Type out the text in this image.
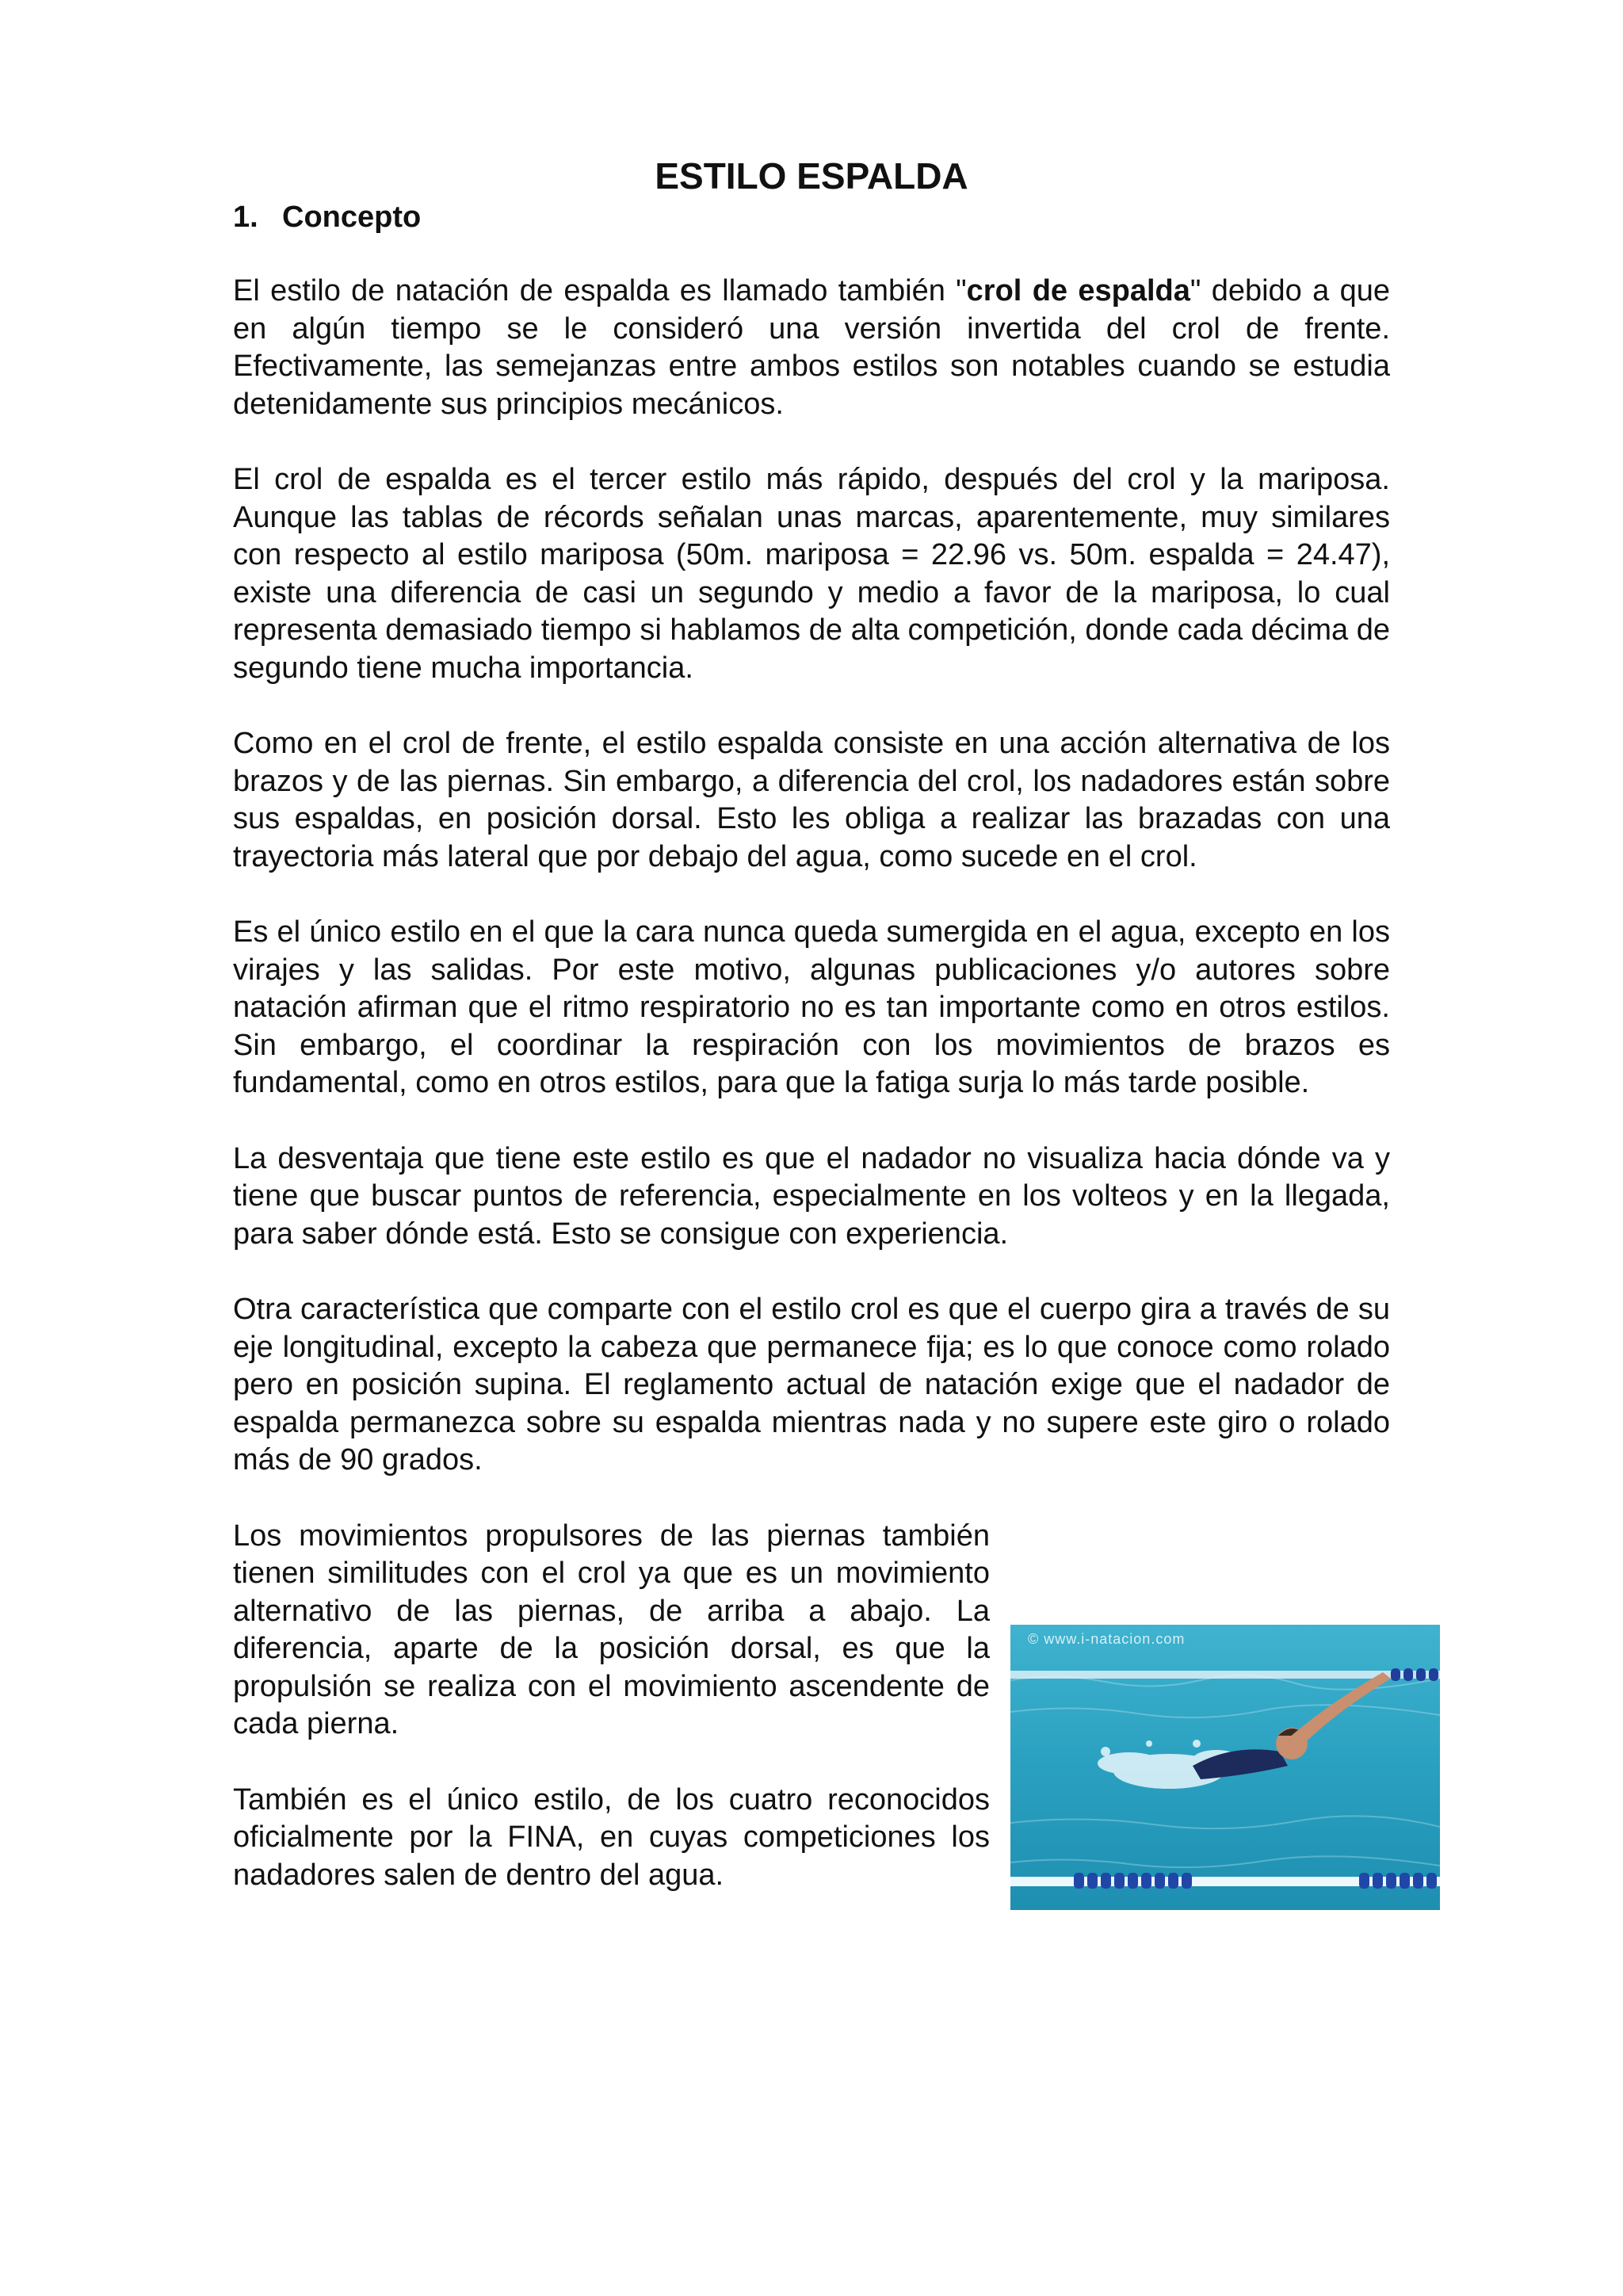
ESTILO ESPALDA
1. Concepto

El estilo de natación de espalda es llamado también "crol de espalda" debido a que en algún tiempo se le consideró una versión invertida del crol de frente. Efectivamente, las semejanzas entre ambos estilos son notables cuando se estudia detenidamente sus principios mecánicos.

El crol de espalda es el tercer estilo más rápido, después del crol y la mariposa. Aunque las tablas de récords señalan unas marcas, aparentemente, muy similares con respecto al estilo mariposa (50m. mariposa = 22.96 vs. 50m. espalda = 24.47), existe una diferencia de casi un segundo y medio a favor de la mariposa, lo cual representa demasiado tiempo si hablamos de alta competición, donde cada décima de segundo tiene mucha importancia.

Como en el crol de frente, el estilo espalda consiste en una acción alternativa de los brazos y de las piernas. Sin embargo, a diferencia del crol, los nadadores están sobre sus espaldas, en posición dorsal. Esto les obliga a realizar las brazadas con una trayectoria más lateral que por debajo del agua, como sucede en el crol.

Es el único estilo en el que la cara nunca queda sumergida en el agua, excepto en los virajes y las salidas. Por este motivo, algunas publicaciones y/o autores sobre natación afirman que el ritmo respiratorio no es tan importante como en otros estilos. Sin embargo, el coordinar la respiración con los movimientos de brazos es fundamental, como en otros estilos, para que la fatiga surja lo más tarde posible.

La desventaja que tiene este estilo es que el nadador no visualiza hacia dónde va y tiene que buscar puntos de referencia, especialmente en los volteos y en la llegada, para saber dónde está. Esto se consigue con experiencia.

Otra característica que comparte con el estilo crol es que el cuerpo gira a través de su eje longitudinal, excepto la cabeza que permanece fija; es lo que conoce como rolado pero en posición supina. El reglamento actual de natación exige que el nadador de espalda permanezca sobre su espalda mientras nada y no supere este giro o rolado más de 90 grados.

Los movimientos propulsores de las piernas también tienen similitudes con el crol ya que es un movimiento alternativo de las piernas, de arriba a abajo. La diferencia, aparte de la posición dorsal, es que la propulsión se realiza con el movimiento ascendente de cada pierna.

También es el único estilo, de los cuatro reconocidos oficialmente por la FINA, en cuyas competiciones los nadadores salen de dentro del agua.

© www.i-natacion.com
